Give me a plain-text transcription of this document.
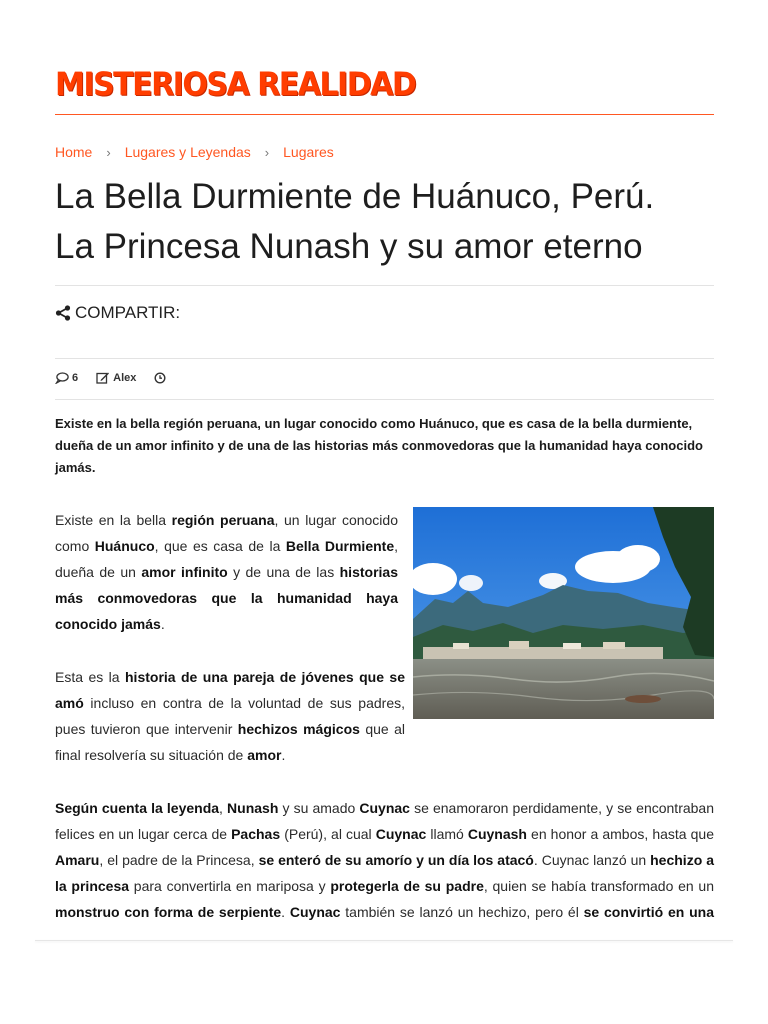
MISTERIOSA REALIDAD
Home › Lugares y Leyendas › Lugares
La Bella Durmiente de Huánuco, Perú.
La Princesa Nunash y su amor eterno
COMPARTIR:
6	Alex

Existe en la bella región peruana, un lugar conocido como Huánuco, que es casa de la bella durmiente, dueña de un amor infinito y de una de las historias más conmovedoras que la humanidad haya conocido jamás.

Existe en la bella región peruana, un lugar conocido como Huánuco, que es casa de la Bella Durmiente, dueña de un amor infinito y de una de las historias más conmovedoras que la humanidad haya conocido jamás.

Esta es la historia de una pareja de jóvenes que se amó incluso en contra de la voluntad de sus padres, pues tuvieron que intervenir hechizos mágicos que al final resolvería su situación de amor.

Según cuenta la leyenda, Nunash y su amado Cuynac se enamoraron perdidamente, y se encontraban felices en un lugar cerca de Pachas (Perú), al cual Cuynac llamó Cuynash en honor a ambos, hasta que Amaru, el padre de la Princesa, se enteró de su amorío y un día los atacó. Cuynac lanzó un hechizo a la princesa para convertirla en mariposa y protegerla de su padre, quien se había transformado en un monstruo con forma de serpiente. Cuynac también se lanzó un hechizo, pero él se convirtió en una
